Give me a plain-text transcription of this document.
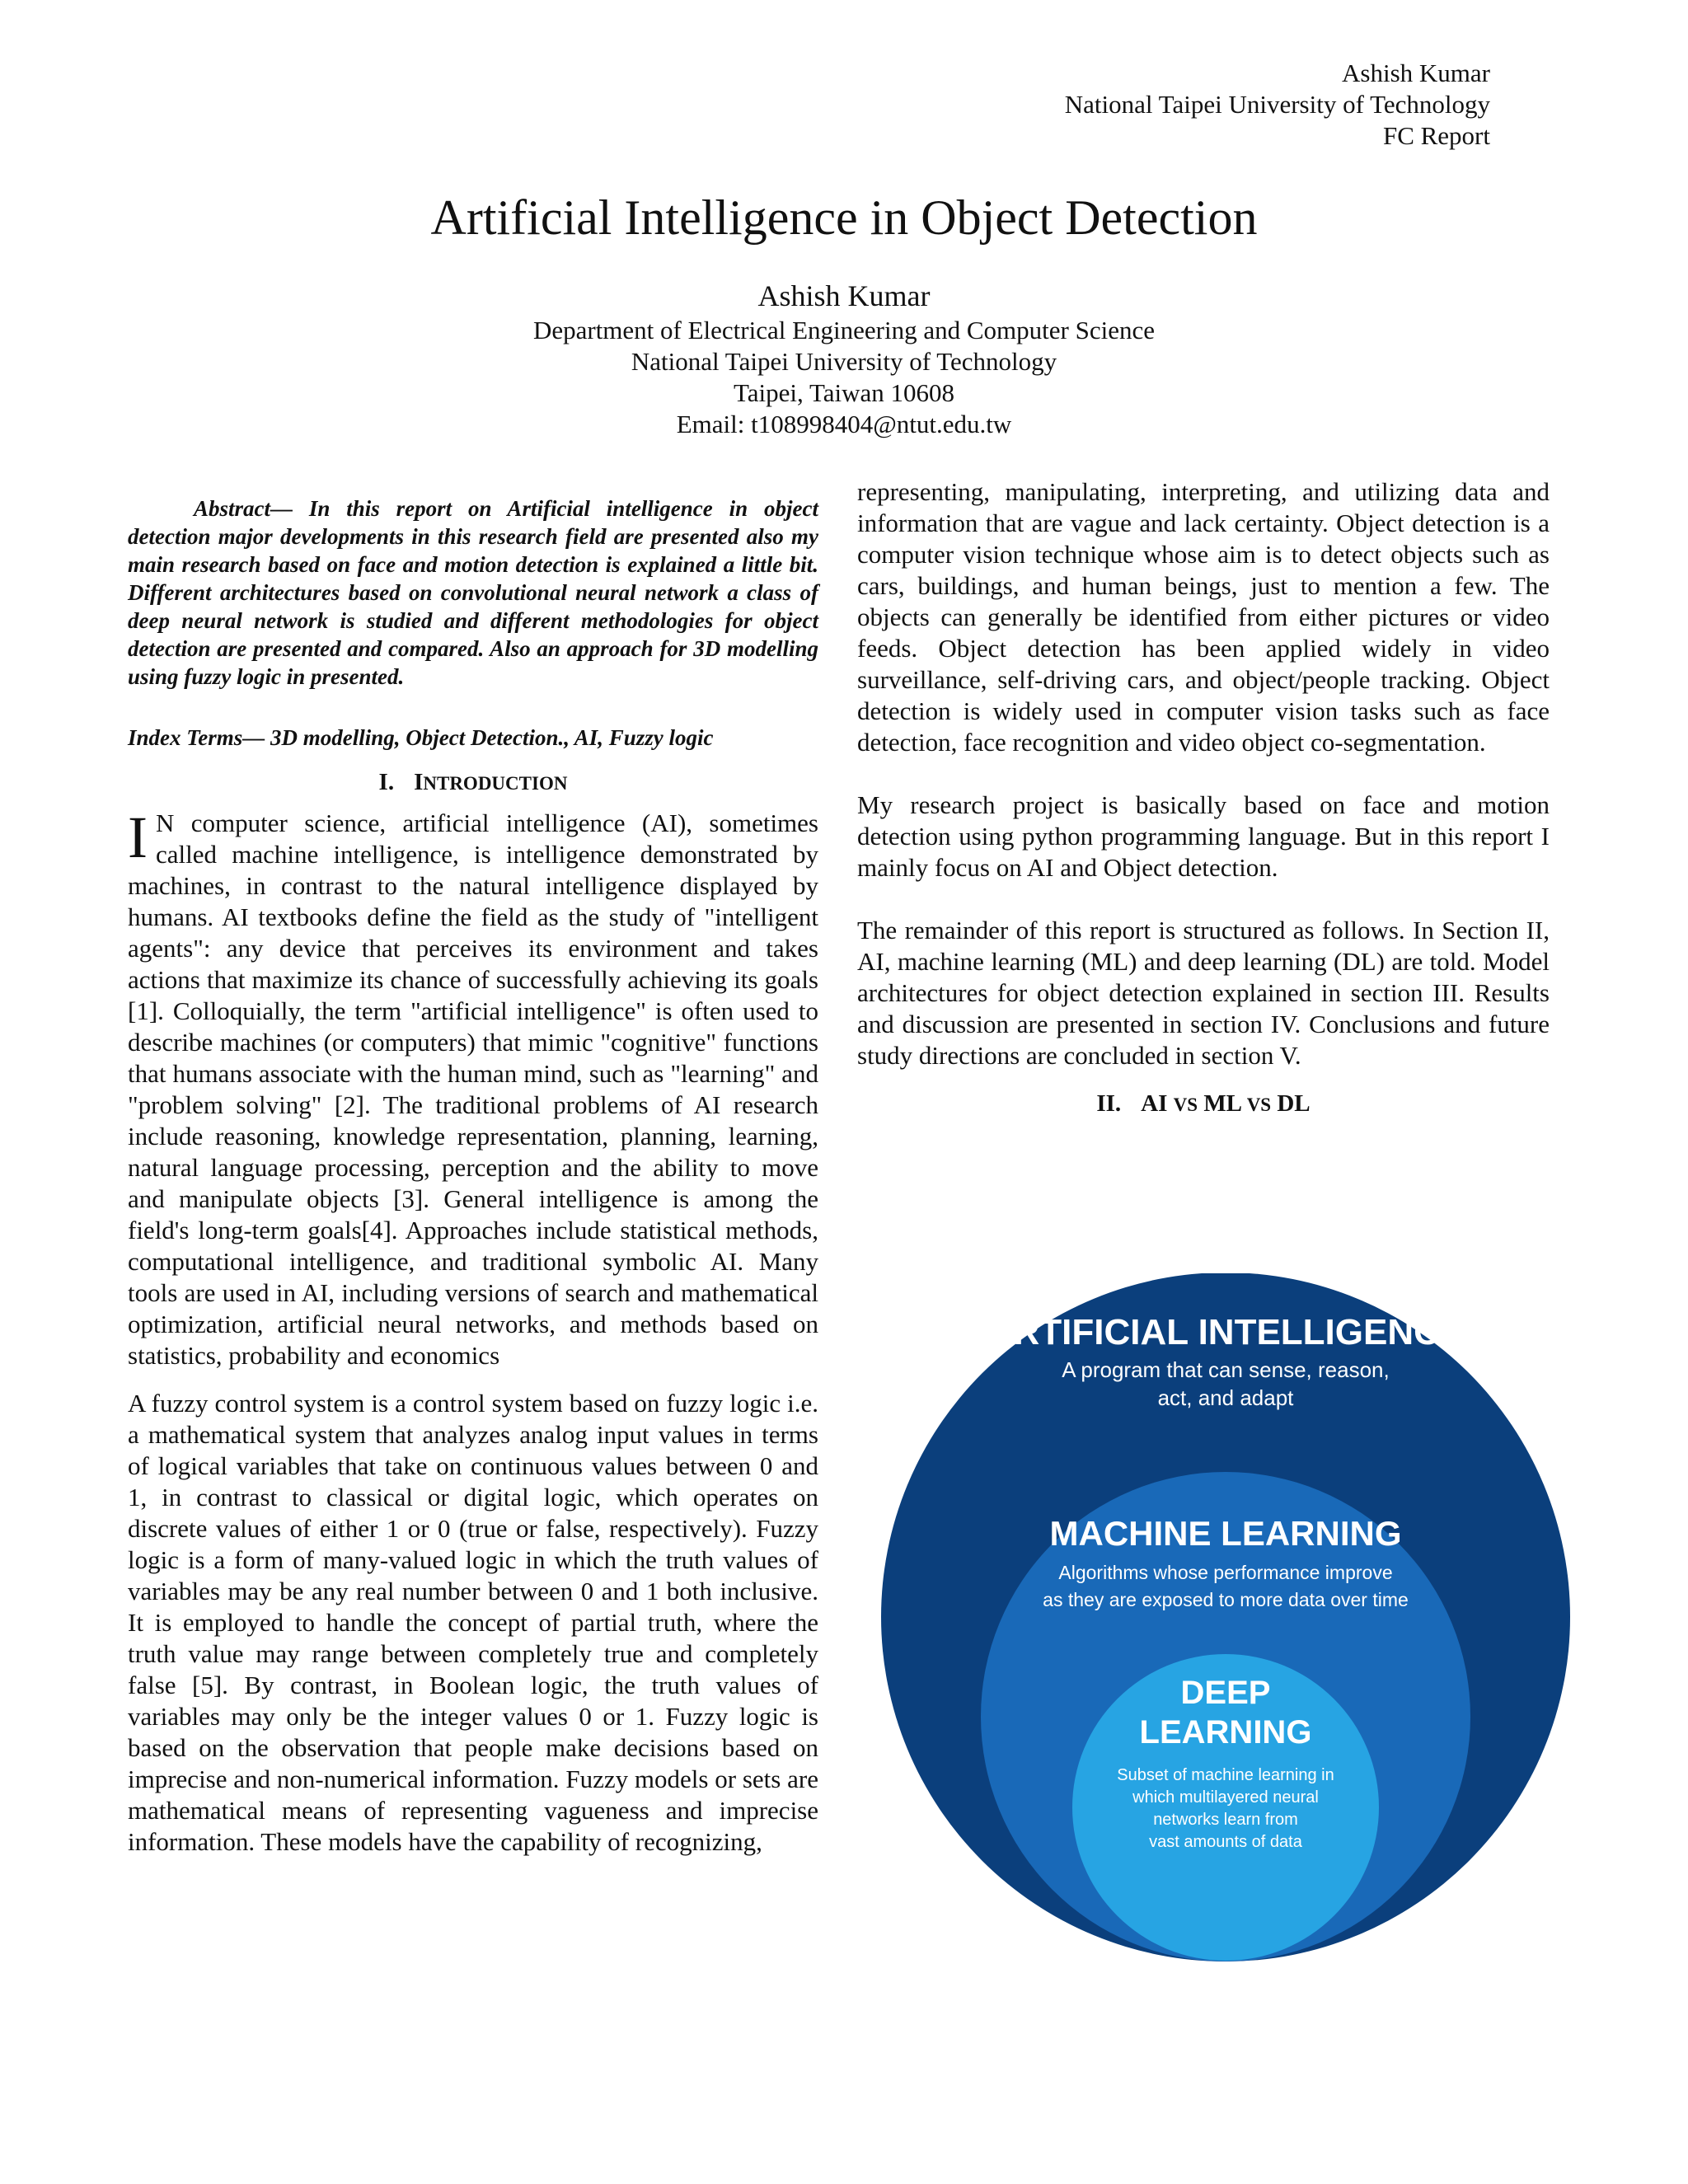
Ashish Kumar
National Taipei University of Technology
FC Report
Artificial Intelligence in Object Detection
Ashish Kumar
Department of Electrical Engineering and Computer Science
National Taipei University of Technology
Taipei, Taiwan 10608
Email: t108998404@ntut.edu.tw

Abstract— In this report on Artificial intelligence in object detection major developments in this research field are presented also my main research based on face and motion detection is explained a little bit. Different architectures based on convolutional neural network a class of deep neural network is studied and different methodologies for object detection are presented and compared. Also an approach for 3D modelling using fuzzy logic in presented.

Index Terms— 3D modelling, Object Detection., AI, Fuzzy logic

I. INTRODUCTION

I N computer science, artificial intelligence (AI), sometimes called machine intelligence, is intelligence demonstrated by machines, in contrast to the natural intelligence displayed by humans. AI textbooks define the field as the study of "intelligent agents": any device that perceives its environment and takes actions that maximize its chance of successfully achieving its goals [1]. Colloquially, the term "artificial intelligence" is often used to describe machines (or computers) that mimic "cognitive" functions that humans associate with the human mind, such as "learning" and "problem solving" [2]. The traditional problems of AI research include reasoning, knowledge representation, planning, learning, natural language processing, perception and the ability to move and manipulate objects [3]. General intelligence is among the field's long-term goals[4]. Approaches include statistical methods, computational intelligence, and traditional symbolic AI. Many tools are used in AI, including versions of search and mathematical optimization, artificial neural networks, and methods based on statistics, probability and economics

A fuzzy control system is a control system based on fuzzy logic i.e. a mathematical system that analyzes analog input values in terms of logical variables that take on continuous values between 0 and 1, in contrast to classical or digital logic, which operates on discrete values of either 1 or 0 (true or false, respectively). Fuzzy logic is a form of many-valued logic in which the truth values of variables may be any real number between 0 and 1 both inclusive. It is employed to handle the concept of partial truth, where the truth value may range between completely true and completely false [5]. By contrast, in Boolean logic, the truth values of variables may only be the integer values 0 or 1. Fuzzy logic is based on the observation that people make decisions based on imprecise and non-numerical information. Fuzzy models or sets are mathematical means of representing vagueness and imprecise information. These models have the capability of recognizing,

representing, manipulating, interpreting, and utilizing data and information that are vague and lack certainty. Object detection is a computer vision technique whose aim is to detect objects such as cars, buildings, and human beings, just to mention a few. The objects can generally be identified from either pictures or video feeds. Object detection has been applied widely in video surveillance, self-driving cars, and object/people tracking. Object detection is widely used in computer vision tasks such as face detection, face recognition and video object co-segmentation.

My research project is basically based on face and motion detection using python programming language. But in this report I mainly focus on AI and Object detection.

The remainder of this report is structured as follows. In Section II, AI, machine learning (ML) and deep learning (DL) are told. Model architectures for object detection explained in section III. Results and discussion are presented in section IV. Conclusions and future study directions are concluded in section V.

II. AI VS ML VS DL
ARTIFICIAL INTELLIGENCE
A program that can sense, reason,
act, and adapt
MACHINE LEARNING
Algorithms whose performance improve
as they are exposed to more data over time
DEEP
LEARNING
Subset of machine learning in
which multilayered neural
networks learn from
vast amounts of data
